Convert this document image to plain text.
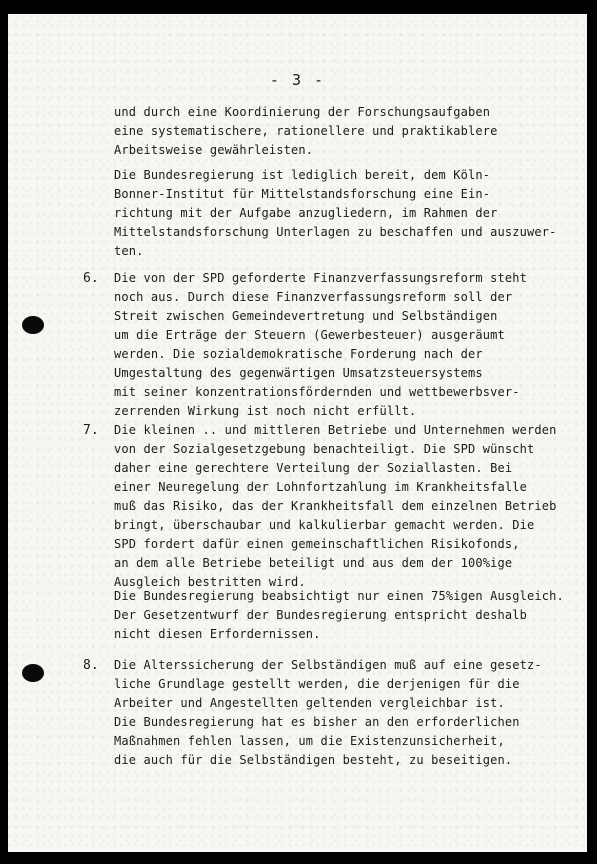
- 3 -
und durch eine Koordinierung der Forschungsaufgaben
eine systematischere, rationellere und praktikablere
Arbeitsweise gewährleisten.
Die Bundesregierung ist lediglich bereit, dem Köln-
Bonner-Institut für Mittelstandsforschung eine Ein-
richtung mit der Aufgabe anzugliedern, im Rahmen der
Mittelstandsforschung Unterlagen zu beschaffen und auszuwer-
ten.
6. Die von der SPD geforderte Finanzverfassungsreform steht
noch aus. Durch diese Finanzverfassungsreform soll der
Streit zwischen Gemeindevertretung und Selbständigen
um die Erträge der Steuern (Gewerbesteuer) ausgeräumt
werden. Die sozialdemokratische Forderung nach der
Umgestaltung des gegenwärtigen Umsatzsteuersystems
mit seiner konzentrationsfördernden und wettbewerbsver-
zerrenden Wirkung ist noch nicht erfüllt.
7. Die kleinen .. und mittleren Betriebe und Unternehmen werden
von der Sozialgesetzgebung benachteiligt. Die SPD wünscht
daher eine gerechtere Verteilung der Soziallasten. Bei
einer Neuregelung der Lohnfortzahlung im Krankheitsfalle
muß das Risiko, das der Krankheitsfall dem einzelnen Betrieb
bringt, überschaubar und kalkulierbar gemacht werden. Die
SPD fordert dafür einen gemeinschaftlichen Risikofonds,
an dem alle Betriebe beteiligt und aus dem der 100%ige
Ausgleich bestritten wird.
Die Bundesregierung beabsichtigt nur einen 75%igen Ausgleich.
Der Gesetzentwurf der Bundesregierung entspricht deshalb
nicht diesen Erfordernissen.
8. Die Alterssicherung der Selbständigen muß auf eine gesetz-
liche Grundlage gestellt werden, die derjenigen für die
Arbeiter und Angestellten geltenden vergleichbar ist.
Die Bundesregierung hat es bisher an den erforderlichen
Maßnahmen fehlen lassen, um die Existenzunsicherheit,
die auch für die Selbständigen besteht, zu beseitigen.
